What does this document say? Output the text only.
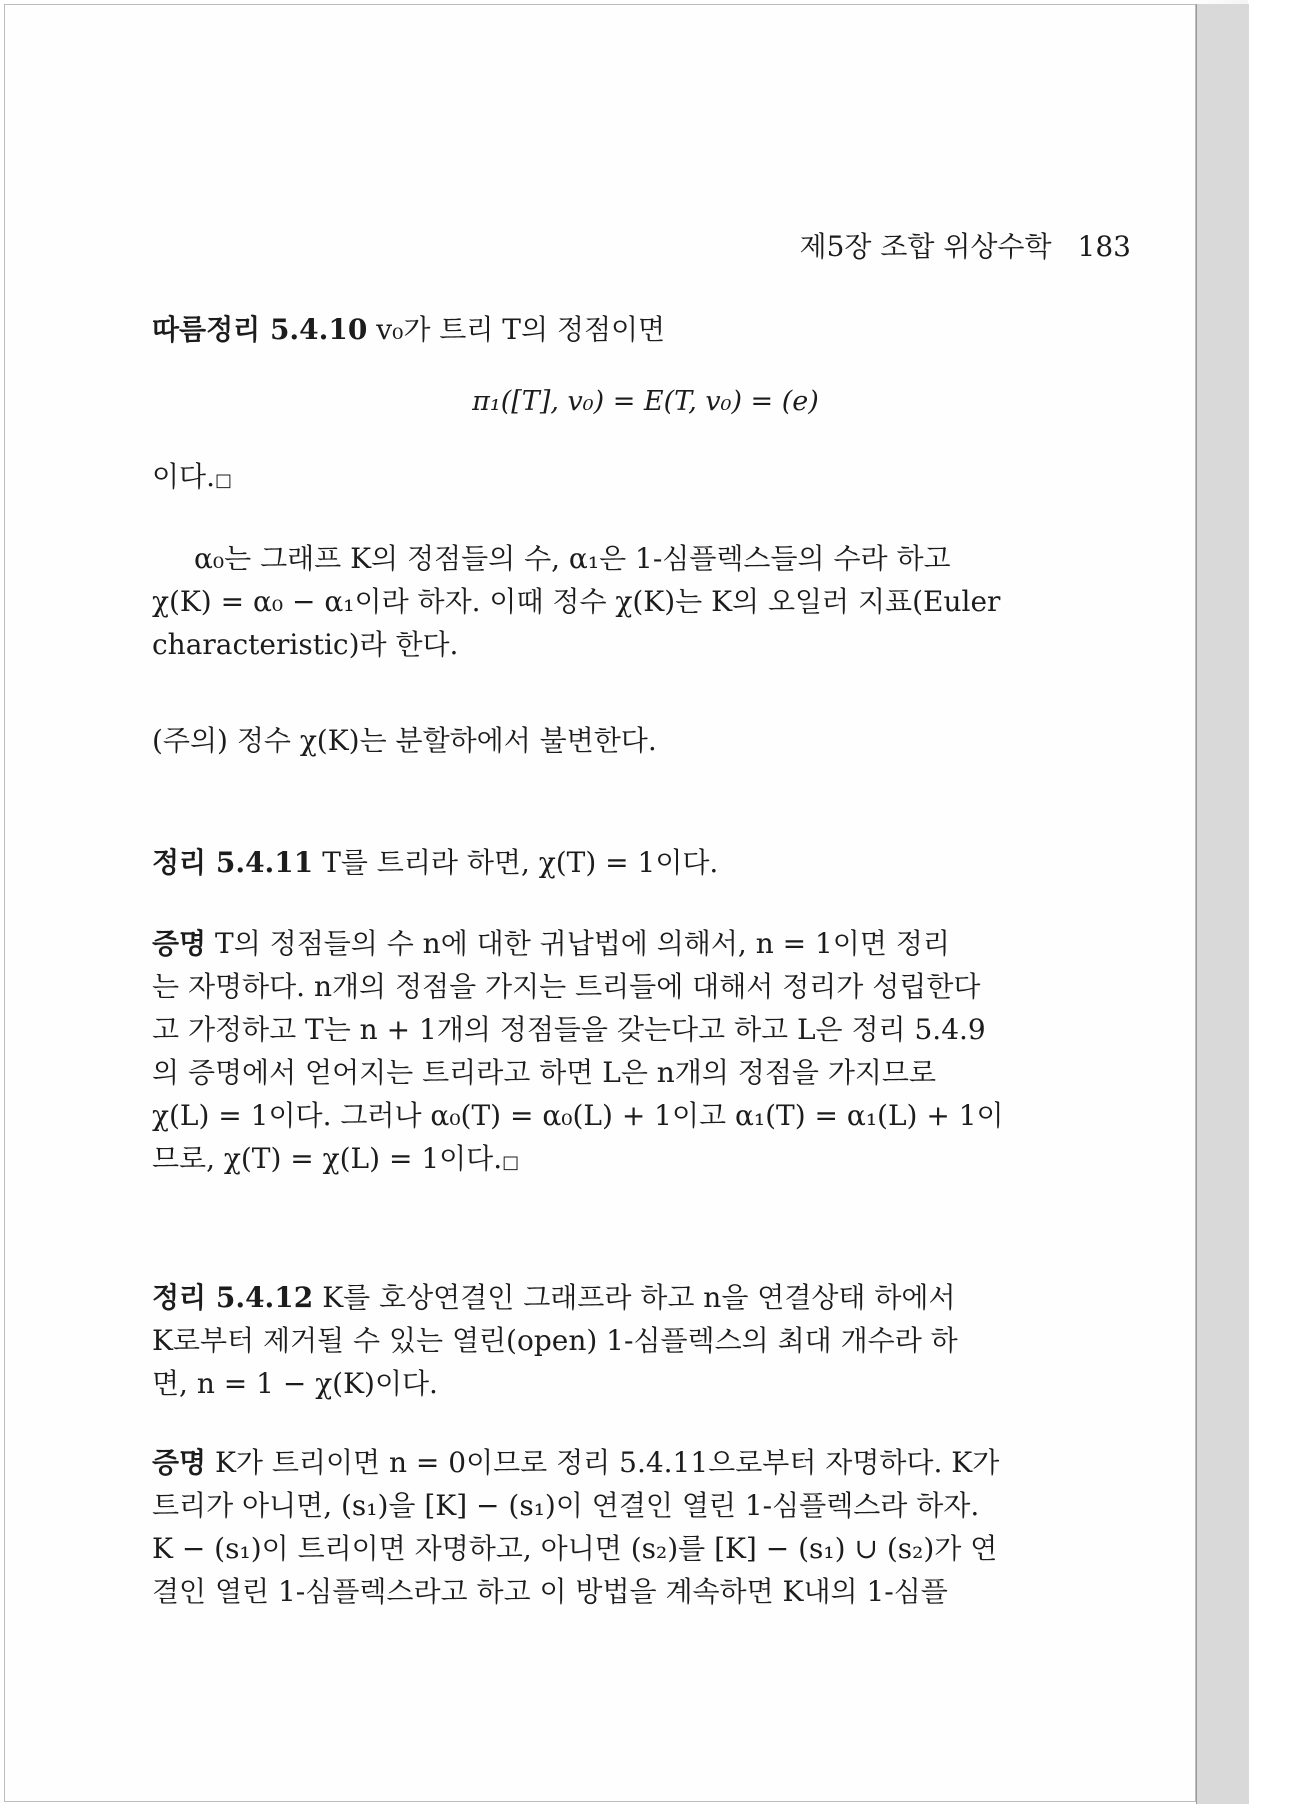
제5장 조합 위상수학 183
따름정리 5.4.10 v₀가 트리 T의 정점이면
π₁([T], v₀) = E(T, v₀) = (e)
이다.□
α₀는 그래프 K의 정점들의 수, α₁은 1-심플렉스들의 수라 하고
χ(K) = α₀ − α₁이라 하자. 이때 정수 χ(K)는 K의 오일러 지표(Euler
characteristic)라 한다.
(주의) 정수 χ(K)는 분할하에서 불변한다.
정리 5.4.11 T를 트리라 하면, χ(T) = 1이다.
증명 T의 정점들의 수 n에 대한 귀납법에 의해서, n = 1이면 정리
는 자명하다. n개의 정점을 가지는 트리들에 대해서 정리가 성립한다
고 가정하고 T는 n + 1개의 정점들을 갖는다고 하고 L은 정리 5.4.9
의 증명에서 얻어지는 트리라고 하면 L은 n개의 정점을 가지므로
χ(L) = 1이다. 그러나 α₀(T) = α₀(L) + 1이고 α₁(T) = α₁(L) + 1이
므로, χ(T) = χ(L) = 1이다.□
정리 5.4.12 K를 호상연결인 그래프라 하고 n을 연결상태 하에서
K로부터 제거될 수 있는 열린(open) 1-심플렉스의 최대 개수라 하
면, n = 1 − χ(K)이다.
증명 K가 트리이면 n = 0이므로 정리 5.4.11으로부터 자명하다. K가
트리가 아니면, (s₁)을 [K] − (s₁)이 연결인 열린 1-심플렉스라 하자.
K − (s₁)이 트리이면 자명하고, 아니면 (s₂)를 [K] − (s₁) ∪ (s₂)가 연
결인 열린 1-심플렉스라고 하고 이 방법을 계속하면 K내의 1-심플
